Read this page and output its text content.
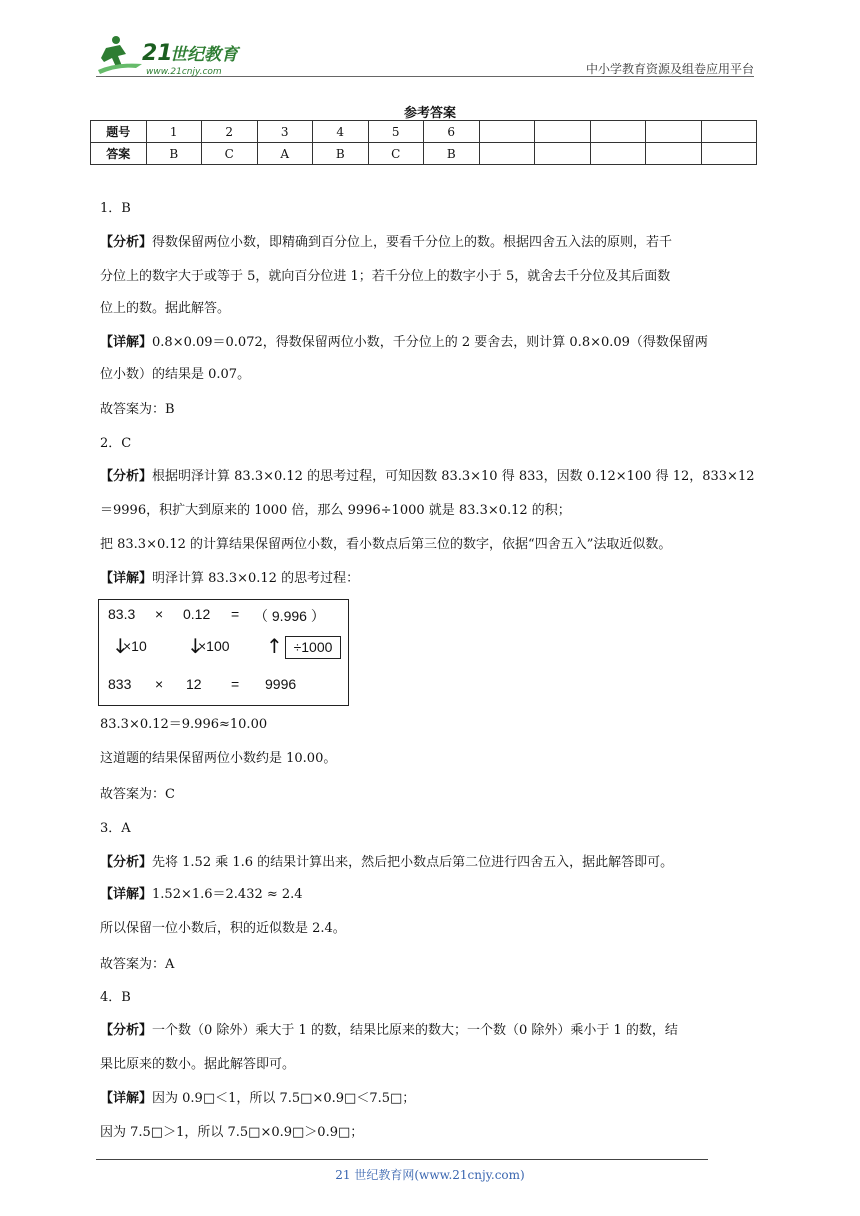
21
世纪教育
www.21cnjy.com	中小学教育资源及组卷应用平台
参考答案
题号	1	2	3	4	5	6					
答案	B	C	A	B	C	B					
1．B
【分析】得数保留两位小数，即精确到百分位上，要看千分位上的数。根据四舍五入法的原则，若千
分位上的数字大于或等于 5，就向百分位进 1；若千分位上的数字小于 5，就舍去千分位及其后面数
位上的数。据此解答。
【详解】0.8×0.09＝0.072，得数保留两位小数，千分位上的 2 要舍去，则计算 0.8×0.09（得数保留两
位小数）的结果是 0.07。
故答案为：B
2．C
【分析】根据明泽计算 83.3×0.12 的思考过程，可知因数 83.3×10 得 833，因数 0.12×100 得 12，833×12
＝9996，积扩大到原来的 1000 倍，那么 9996÷1000 就是 83.3×0.12 的积；
把 83.3×0.12 的计算结果保留两位小数，看小数点后第三位的数字，依据“四舍五入”法取近似数。
【详解】明泽计算 83.3×0.12 的思考过程：
83.3 × 0.12 = （ 9.996 ）
↓
×10 ↓
×100 ↑ ÷1000
833 × 12 = 9996
83.3×0.12＝9.996≈10.00
这道题的结果保留两位小数约是 10.00。
故答案为：C
3．A
【分析】先将 1.52 乘 1.6 的结果计算出来，然后把小数点后第二位进行四舍五入，据此解答即可。
【详解】1.52×1.6＝2.432 ≈ 2.4
所以保留一位小数后，积的近似数是 2.4。
故答案为：A
4．B
【分析】一个数（0 除外）乘大于 1 的数，结果比原来的数大；一个数（0 除外）乘小于 1 的数，结
果比原来的数小。据此解答即可。
【详解】因为 0.9□＜1，所以 7.5□×0.9□＜7.5□；
因为 7.5□＞1，所以 7.5□×0.9□＞0.9□；
21 世纪教育网(www.21cnjy.com)
